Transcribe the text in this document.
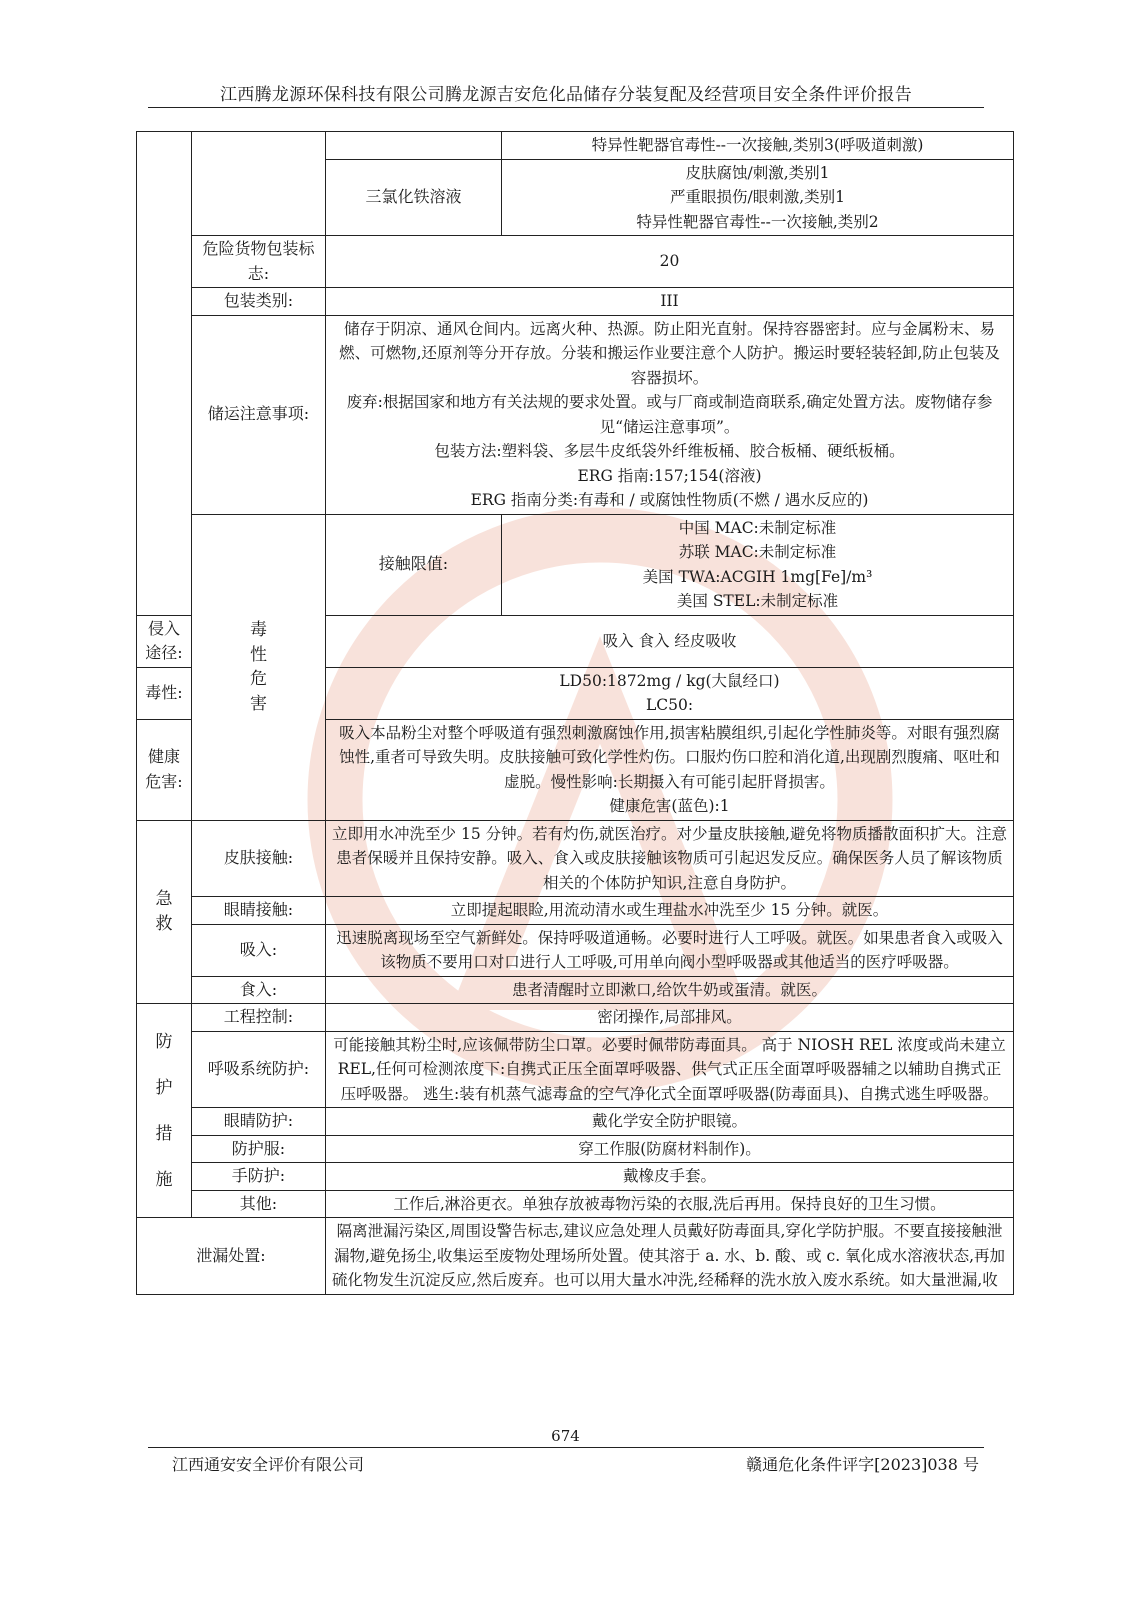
江西腾龙源环保科技有限公司腾龙源吉安危化品储存分装复配及经营项目安全条件评价报告
			特异性靶器官毒性--一次接触,类别3(呼吸道刺激)
		三氯化铁溶液	皮肤腐蚀/刺激,类别1
严重眼损伤/眼刺激,类别1
特异性靶器官毒性--一次接触,类别2

	危险货物包装标志:	20	
	包装类别:	III	
	储运注意事项:	储存于阴凉、通风仓间内。远离火种、热源。防止阳光直射。保持容器密封。应与金属粉末、易燃、可燃物,还原剂等分开存放。分装和搬运作业要注意个人防护。搬运时要轻装轻卸,防止包装及容器损坏。
废弃:根据国家和地方有关法规的要求处置。或与厂商或制造商联系,确定处置方法。废物储存参见“储运注意事项”。
包装方法:塑料袋、多层牛皮纸袋外纤维板桶、胶合板桶、硬纸板桶。
ERG 指南:157;154(溶液)
ERG 指南分类:有毒和 / 或腐蚀性物质(不燃 / 遇水反应的)	

	毒性危害	接触限值:	中国 MAC:未制定标准
苏联 MAC:未制定标准
美国 TWA:ACGIH 1mg[Fe]/m³
美国 STEL:未制定标准

侵入途径:		吸入 食入 经皮吸收	
毒性:		LD50:1872mg / kg(大鼠经口)
LC50:	

健康危害:		吸入本品粉尘对整个呼吸道有强烈刺激腐蚀作用,损害粘膜组织,引起化学性肺炎等。对眼有强烈腐蚀性,重者可导致失明。皮肤接触可致化学性灼伤。口服灼伤口腔和消化道,出现剧烈腹痛、呕吐和虚脱。慢性影响:长期摄入有可能引起肝肾损害。
健康危害(蓝色):1	

急救	皮肤接触:	立即用水冲洗至少 15 分钟。若有灼伤,就医治疗。对少量皮肤接触,避免将物质播散面积扩大。注意患者保暖并且保持安静。吸入、食入或皮肤接触该物质可引起迟发反应。确保医务人员了解该物质相关的个体防护知识,注意自身防护。	
	眼睛接触:	立即提起眼睑,用流动清水或生理盐水冲洗至少 15 分钟。就医。	
	吸入:	迅速脱离现场至空气新鲜处。保持呼吸道通畅。必要时进行人工呼吸。就医。如果患者食入或吸入该物质不要用口对口进行人工呼吸,可用单向阀小型呼吸器或其他适当的医疗呼吸器。	
	食入:	患者清醒时立即漱口,给饮牛奶或蛋清。就医。	
防护措施	工程控制:	密闭操作,局部排风。	
	呼吸系统防护:	可能接触其粉尘时,应该佩带防尘口罩。必要时佩带防毒面具。 高于 NIOSH REL 浓度或尚未建立 REL,任何可检测浓度下:自携式正压全面罩呼吸器、供气式正压全面罩呼吸器辅之以辅助自携式正压呼吸器。 逃生:装有机蒸气滤毒盒的空气净化式全面罩呼吸器(防毒面具)、自携式逃生呼吸器。	
	眼睛防护:	戴化学安全防护眼镜。	
	防护服:	穿工作服(防腐材料制作)。	
	手防护:	戴橡皮手套。	
	其他:	工作后,淋浴更衣。单独存放被毒物污染的衣服,洗后再用。保持良好的卫生习惯。	
泄漏处置:		隔离泄漏污染区,周围设警告标志,建议应急处理人员戴好防毒面具,穿化学防护服。不要直接接触泄漏物,避免扬尘,收集运至废物处理场所处置。使其溶于 a. 水、b. 酸、或 c. 氧化成水溶液状态,再加硫化物发生沉淀反应,然后废弃。也可以用大量水冲洗,经稀释的洗水放入废水系统。如大量泄漏,收	
674
江西通安安全评价有限公司	赣通危化条件评字[2023]038 号
